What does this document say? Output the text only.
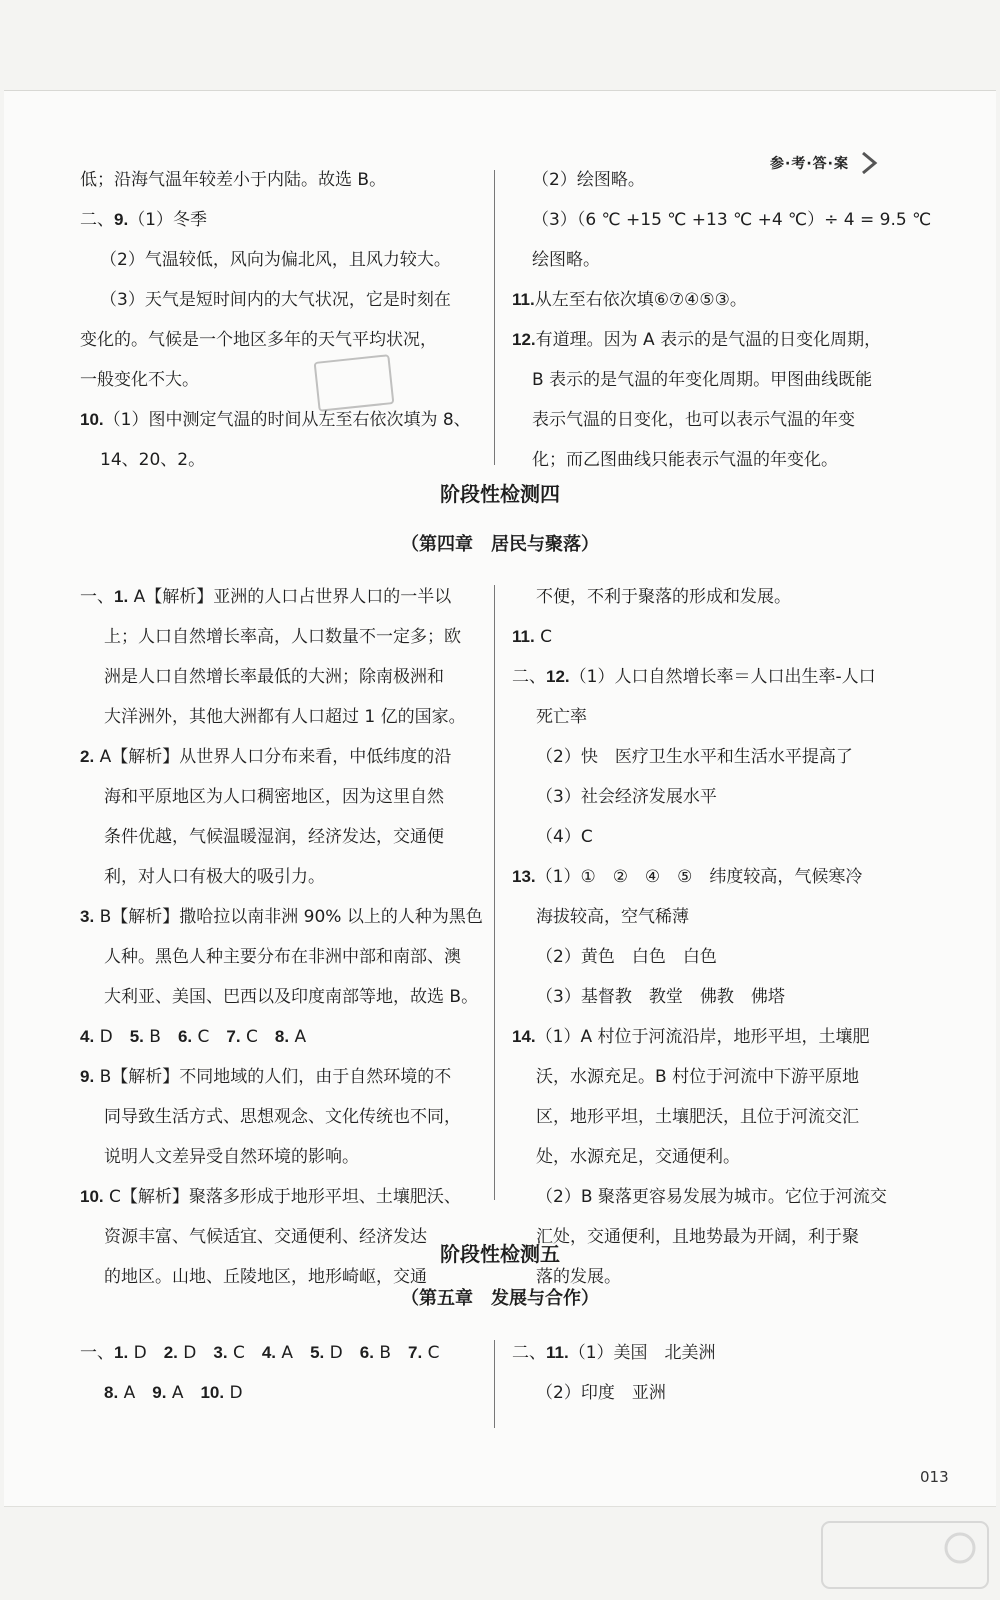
参·考·答·案
低；沿海气温年较差小于内陆。故选 B。
二、9.（1）冬季
（2）气温较低，风向为偏北风，且风力较大。
（3）天气是短时间内的大气状况，它是时刻在
变化的。气候是一个地区多年的天气平均状况，
一般变化不大。
10.（1）图中测定气温的时间从左至右依次填为 8、
14、20、2。
（2）绘图略。
（3）（6 ℃ +15 ℃ +13 ℃ +4 ℃）÷ 4 = 9.5 ℃
绘图略。
11.从左至右依次填⑥⑦④⑤③。
12.有道理。因为 A 表示的是气温的日变化周期，
B 表示的是气温的年变化周期。甲图曲线既能
表示气温的日变化，也可以表示气温的年变
化；而乙图曲线只能表示气温的年变化。
阶段性检测四
（第四章　居民与聚落）
一、1. A【解析】亚洲的人口占世界人口的一半以
上；人口自然增长率高，人口数量不一定多；欧
洲是人口自然增长率最低的大洲；除南极洲和
大洋洲外，其他大洲都有人口超过 1 亿的国家。
2. A【解析】从世界人口分布来看，中低纬度的沿
海和平原地区为人口稠密地区，因为这里自然
条件优越，气候温暖湿润，经济发达，交通便
利，对人口有极大的吸引力。
3. B【解析】撒哈拉以南非洲 90% 以上的人种为黑色
人种。黑色人种主要分布在非洲中部和南部、澳
大利亚、美国、巴西以及印度南部等地，故选 B。
4. D　5. B　6. C　7. C　8. A
9. B【解析】不同地域的人们，由于自然环境的不
同导致生活方式、思想观念、文化传统也不同，
说明人文差异受自然环境的影响。
10. C【解析】聚落多形成于地形平坦、土壤肥沃、
资源丰富、气候适宜、交通便利、经济发达
的地区。山地、丘陵地区，地形崎岖，交通
不便，不利于聚落的形成和发展。
11. C
二、12.（1）人口自然增长率＝人口出生率-人口
死亡率
（2）快　医疗卫生水平和生活水平提高了
（3）社会经济发展水平
（4）C
13.（1）①　②　④　⑤　纬度较高，气候寒冷
海拔较高，空气稀薄
（2）黄色　白色　白色
（3）基督教　教堂　佛教　佛塔
14.（1）A 村位于河流沿岸，地形平坦，土壤肥
沃，水源充足。B 村位于河流中下游平原地
区，地形平坦，土壤肥沃，且位于河流交汇
处，水源充足，交通便利。
（2）B 聚落更容易发展为城市。它位于河流交
汇处，交通便利，且地势最为开阔，利于聚
落的发展。
阶段性检测五
（第五章　发展与合作）
一、1. D　2. D　3. C　4. A　5. D　6. B　7. C
8. A　9. A　10. D
二、11.（1）美国　北美洲
（2）印度　亚洲
013
